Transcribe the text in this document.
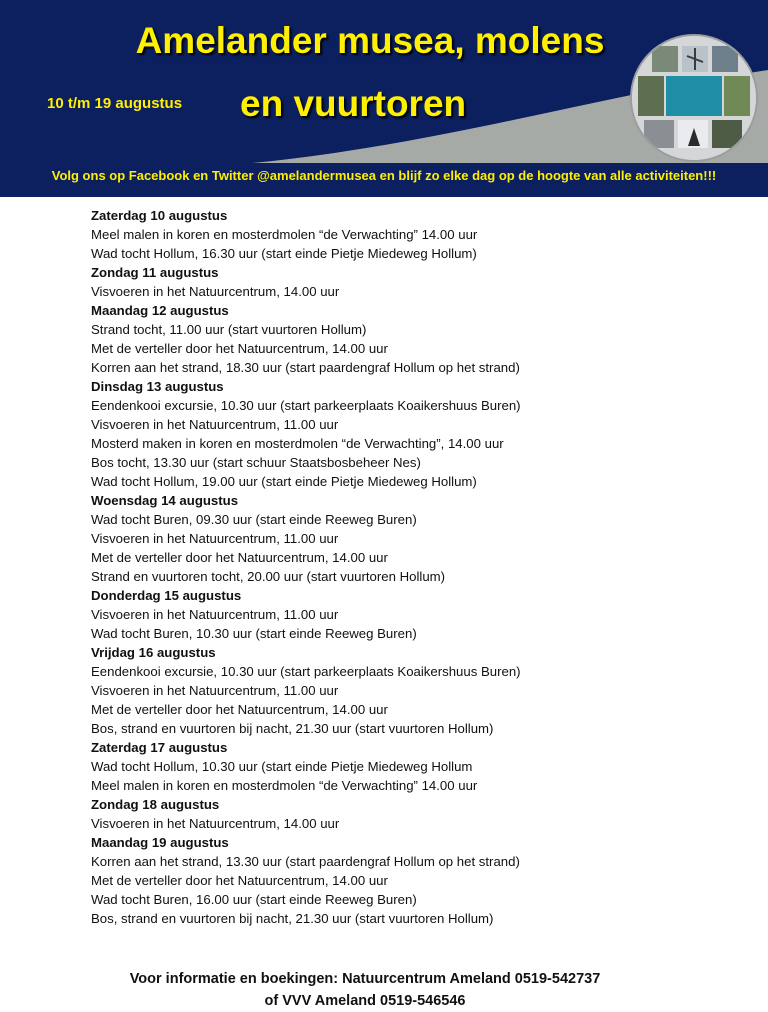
Amelander musea, molens
en vuurtoren
10 t/m 19 augustus
Volg ons op Facebook en Twitter @amelandermusea en blijf zo elke dag op de hoogte van alle activiteiten!!!
Zaterdag 10 augustus
Meel malen in koren en mosterdmolen “de Verwachting” 14.00 uur
Wad tocht Hollum, 16.30 uur (start einde Pietje Miedeweg Hollum)
Zondag 11 augustus
Visvoeren in het Natuurcentrum, 14.00 uur
Maandag 12 augustus
Strand tocht, 11.00 uur (start vuurtoren Hollum)
Met de verteller door het Natuurcentrum, 14.00 uur
Korren aan het strand, 18.30 uur (start paardengraf Hollum op het strand)
Dinsdag 13 augustus
Eendenkooi excursie, 10.30 uur (start parkeerplaats Koaikershuus Buren)
Visvoeren in het Natuurcentrum, 11.00 uur
Mosterd maken in koren en mosterdmolen “de Verwachting”, 14.00 uur
Bos tocht, 13.30 uur (start schuur Staatsbosbeheer Nes)
Wad tocht Hollum, 19.00 uur (start einde Pietje Miedeweg Hollum)
Woensdag 14 augustus
Wad tocht Buren, 09.30 uur (start einde Reeweg Buren)
Visvoeren in het Natuurcentrum, 11.00 uur
Met de verteller door het Natuurcentrum, 14.00 uur
Strand en vuurtoren tocht, 20.00 uur (start vuurtoren Hollum)
Donderdag 15 augustus
Visvoeren in het Natuurcentrum, 11.00 uur
Wad tocht Buren, 10.30 uur (start einde Reeweg Buren)
Vrijdag 16 augustus
Eendenkooi excursie, 10.30 uur (start parkeerplaats Koaikershuus Buren)
Visvoeren in het Natuurcentrum, 11.00 uur
Met de verteller door het Natuurcentrum, 14.00 uur
Bos, strand en vuurtoren bij nacht, 21.30 uur (start vuurtoren Hollum)
Zaterdag 17 augustus
Wad tocht Hollum, 10.30 uur (start einde Pietje Miedeweg Hollum
Meel malen in koren en mosterdmolen “de Verwachting” 14.00 uur
Zondag 18 augustus
Visvoeren in het Natuurcentrum, 14.00 uur
Maandag 19 augustus
Korren aan het strand, 13.30 uur (start paardengraf Hollum op het strand)
Met de verteller door het Natuurcentrum, 14.00 uur
Wad tocht Buren, 16.00 uur (start einde Reeweg Buren)
Bos, strand en vuurtoren bij nacht, 21.30 uur (start vuurtoren Hollum)
Voor informatie en boekingen: Natuurcentrum Ameland 0519-542737
of VVV Ameland 0519-546546
